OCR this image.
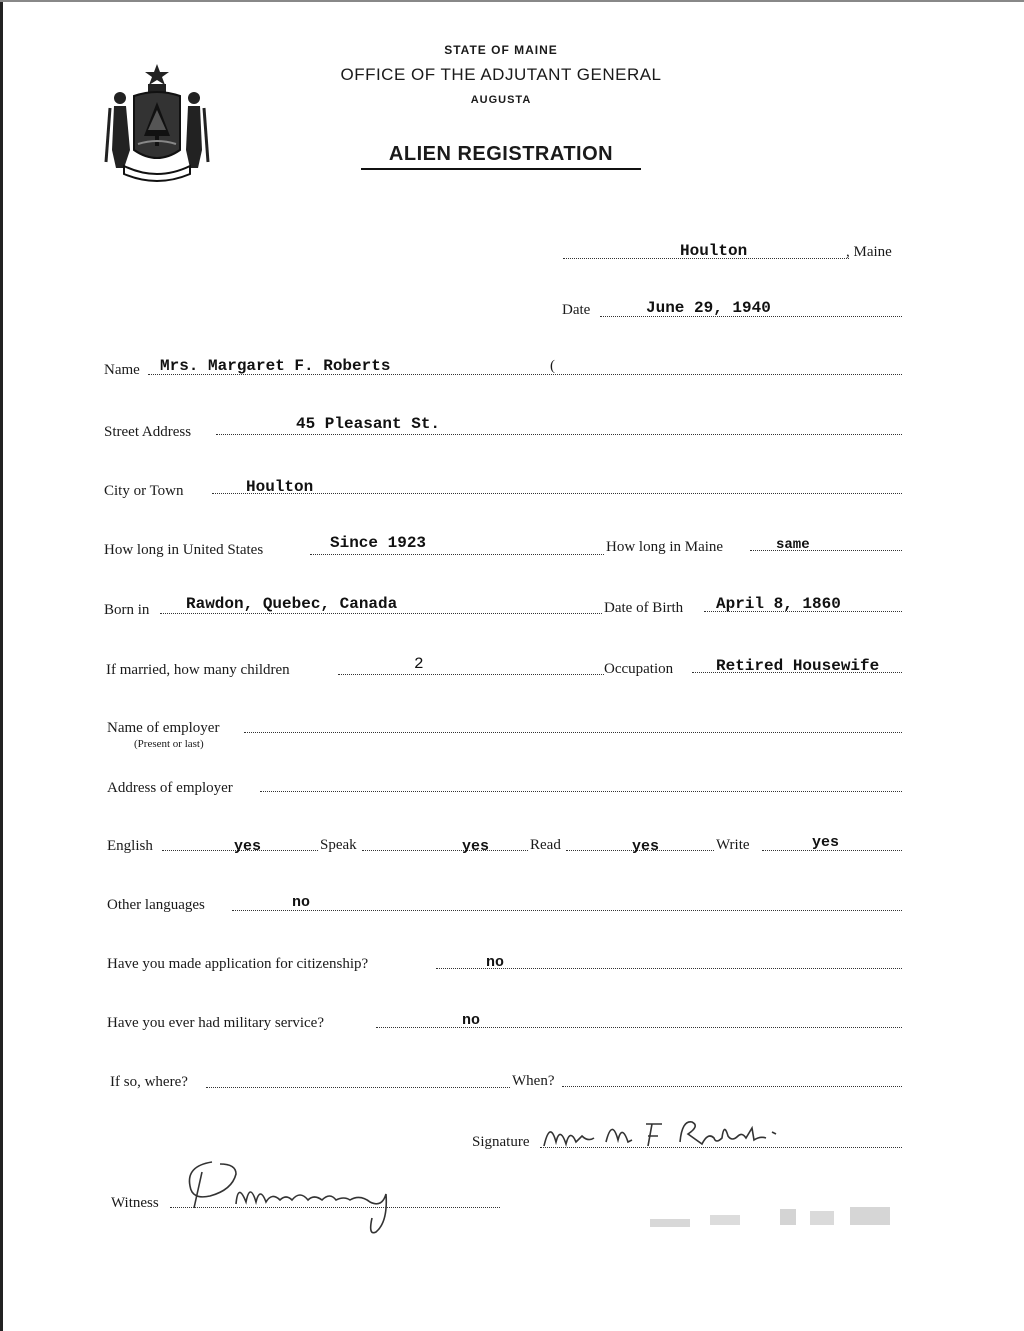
STATE OF MAINE
OFFICE OF THE ADJUTANT GENERAL
AUGUSTA
ALIEN REGISTRATION
Houlton	, Maine
Date	June 29, 1940
Name Mrs. Margaret F. Roberts	(
Street Address	45 Pleasant St.
City or Town	Houlton
How long in United States	Since 1923	How long in Maine	same
Born in Rawdon, Quebec, Canada	Date of Birth April 8, 1860
If married, how many children	2	Occupation	Retired Housewife
Name of employer
(Present or last)
Address of employer
English	yes	Speak	yes	Read	yes	Write	yes
Other languages	no
Have you made application for citizenship?	no
Have you ever had military service?	no
If so, where?	When?
Signature
Witness
